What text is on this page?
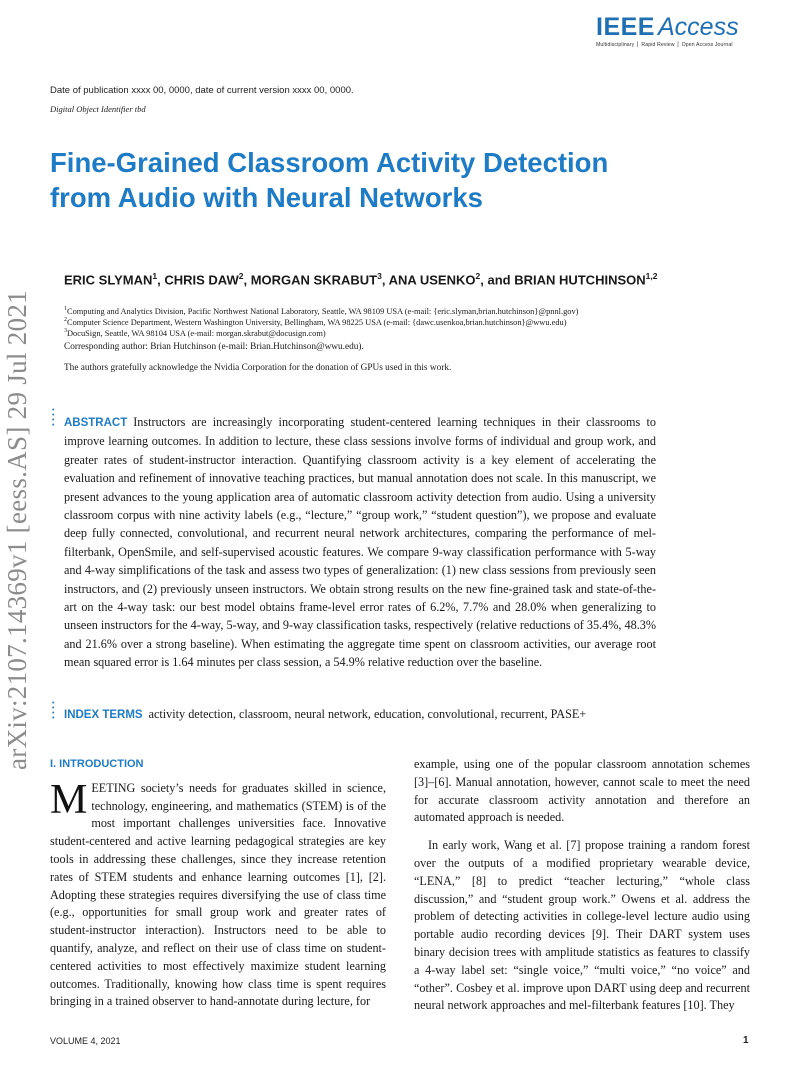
IEEE Access
Multidisciplinary ⎪ Rapid Review ⎪ Open Access Journal
Date of publication xxxx 00, 0000, date of current version xxxx 00, 0000.
Digital Object Identifier tbd
Fine-Grained Classroom Activity Detection from Audio with Neural Networks
ERIC SLYMAN$^1$, CHRIS DAW$^2$, MORGAN SKRABUT$^3$, ANA USENKO$^2$, and BRIAN HUTCHINSON$^{1,2}$
$^1$Computing and Analytics Division, Pacific Northwest National Laboratory, Seattle, WA 98109 USA (e-mail: {eric.slyman,brian.hutchinson}@pnnl.gov)
$^2$Computer Science Department, Western Washington University, Bellingham, WA 98225 USA (e-mail: {dawc.usenkoa,brian.hutchinson}@wwu.edu)
$^3$DocuSign, Seattle, WA 98104 USA (e-mail: morgan.skrabut@docusign.com)
Corresponding author: Brian Hutchinson (e-mail: Brian.Hutchinson@wwu.edu).
The authors gratefully acknowledge the Nvidia Corporation for the donation of GPUs used in this work.
arXiv:2107.14369v1 [eess.AS] 29 Jul 2021	•
•
•
•
•
•
•
•
ABSTRACT Instructors are increasingly incorporating student-centered learning techniques in their classrooms to improve learning outcomes. In addition to lecture, these class sessions involve forms of individual and group work, and greater rates of student-instructor interaction. Quantifying classroom activity is a key element of accelerating the evaluation and refinement of innovative teaching practices, but manual annotation does not scale. In this manuscript, we present advances to the young application area of automatic classroom activity detection from audio. Using a university classroom corpus with nine activity labels (e.g., “lecture,” “group work,” “student question”), we propose and evaluate deep fully connected, convolutional, and recurrent neural network architectures, comparing the performance of mel-filterbank, OpenSmile, and self-supervised acoustic features. We compare 9-way classification performance with 5-way and 4-way simplifications of the task and assess two types of generalization: (1) new class sessions from previously seen instructors, and (2) previously unseen instructors. We obtain strong results on the new fine-grained task and state-of-the-art on the 4-way task: our best model obtains frame-level error rates of 6.2%, 7.7% and 28.0% when generalizing to unseen instructors for the 4-way, 5-way, and 9-way classification tasks, respectively (relative reductions of 35.4%, 48.3% and 21.6% over a strong baseline). When estimating the aggregate time spent on classroom activities, our average root mean squared error is 1.64 minutes per class session, a 54.9% relative reduction over the baseline.
INDEX TERMS activity detection, classroom, neural network, education, convolutional, recurrent, PASE+
I. INTRODUCTION

MEETING society’s needs for graduates skilled in science, technology, engineering, and mathematics (STEM) is of the most important challenges universities face. Innovative student-centered and active learning pedagogical strategies are key tools in addressing these challenges, since they increase retention rates of STEM students and enhance learning outcomes [1], [2]. Adopting these strategies requires diversifying the use of class time (e.g., opportunities for small group work and greater rates of student-instructor interaction). Instructors need to be able to quantify, analyze, and reflect on their use of class time on student-centered activities to most effectively maximize student learning outcomes. Traditionally, knowing how class time is spent requires bringing in a trained observer to hand-annotate during lecture, for

example, using one of the popular classroom annotation schemes [3]–[6]. Manual annotation, however, cannot scale to meet the need for accurate classroom activity annotation and therefore an automated approach is needed.

In early work, Wang et al. [7] propose training a random forest over the outputs of a modified proprietary wearable device, “LENA,” [8] to predict “teacher lecturing,” “whole class discussion,” and “student group work.” Owens et al. address the problem of detecting activities in college-level lecture audio using portable audio recording devices [9]. Their DART system uses binary decision trees with amplitude statistics as features to classify a 4-way label set: “single voice,” “multi voice,” “no voice” and “other”. Cosbey et al. improve upon DART using deep and recurrent neural network approaches and mel-filterbank features [10]. They

VOLUME 4, 2021	1
